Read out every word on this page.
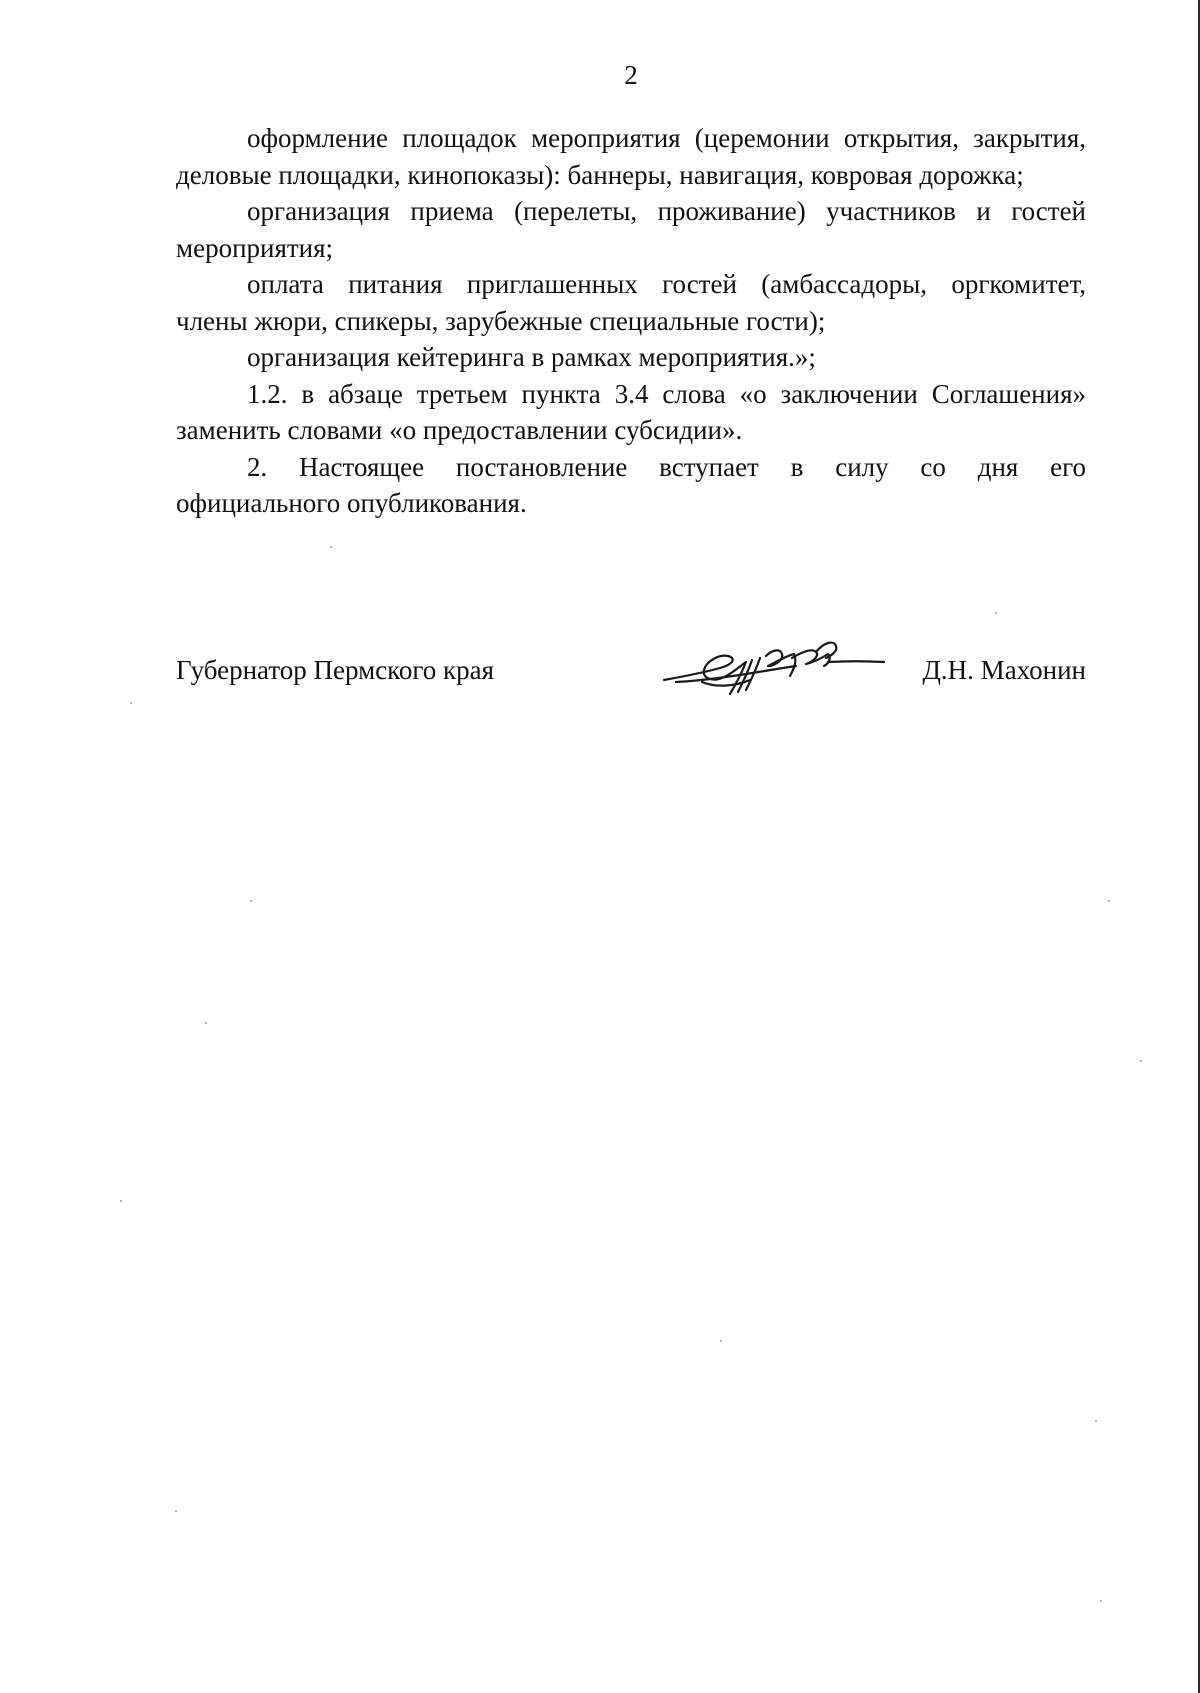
2

оформление площадок мероприятия (церемонии открытия, закрытия,
деловые площадки, кинопоказы): баннеры, навигация, ковровая дорожка;

организация приема (перелеты, проживание) участников и гостей
мероприятия;

оплата питания приглашенных гостей (амбассадоры, оргкомитет,
члены жюри, спикеры, зарубежные специальные гости);

организация кейтеринга в рамках мероприятия.»;

1.2. в абзаце третьем пункта 3.4 слова «о заключении Соглашения»
заменить словами «о предоставлении субсидии».

2. Настоящее постановление вступает в силу со дня его
официального опубликования.

Губернатор Пермского края	Д.Н. Махонин
